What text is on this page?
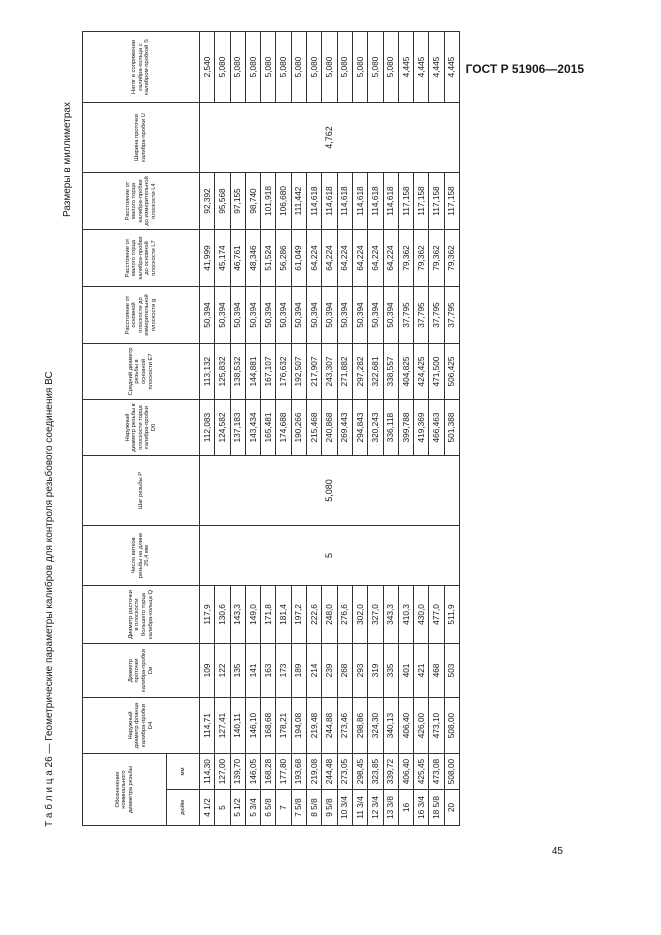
ГОСТ Р 51906—2015
45
Т а б л и ц а 26 — Геометрические параметры калибров для контроля резьбового соединения ВС
Размеры в миллиметрах
Обозначение номинального диаметра резьбы		Наружный диаметр фланца калибра-пробки D4	Диаметр проточки калибра-пробки Dи	Диаметр расточки в плоскости большего торца калибра-кольца Q	Число витков резьбы на длине 25,4 мм	Шаг резьбы P	Наружный диаметр резьбы в плоскости торца калибра-пробки D0	Средний диаметр резьбы в основной плоскости E7	Расстояние от основной плоскости до измерительной плоскости g	Расстояние от малого торца калибра-пробки до основной плоскости L7	Расстояние от малого торца калибра-пробки до измерительной плоскости L4	Ширина проточки калибра-пробки U	Натяг в сопряжении калибра-кольца с калибром-пробкой S
дюйм	мм												
4 1/2	114,30	114,71	109	117,9	5	5,080	112,083	113,132	50,394	41,999	92,392	4,762	2,540
5	127,00	127,41	122	130,6			124,582	125,832	50,394	45,174	95,568		5,080
5 1/2	139,70	140,11	135	143,3			137,183	138,532	50,394	46,761	97,155		5,080
5 3/4	146,05	146,10	141	149,0			143,434	144,881	50,394	48,346	98,740		5,080
6 5/8	168,28	168,68	163	171,8			165,481	167,107	50,394	51,524	101,918		5,080
7	177,80	178,21	173	181,4			174,688	176,632	50,394	56,286	106,680		5,080
7 5/8	193,68	194,08	189	197,2			190,266	192,507	50,394	61,049	111,442		5,080
8 5/8	219,08	219,48	214	222,6			215,468	217,907	50,394	64,224	114,618		5,080
9 5/8	244,48	244,88	239	248,0			240,868	243,307	50,394	64,224	114,618		5,080
10 3/4	273,05	273,46	268	276,6			269,443	271,882	50,394	64,224	114,618		5,080
11 3/4	298,45	298,86	293	302,0			294,843	297,282	50,394	64,224	114,618		5,080
12 3/4	323,85	324,30	319	327,0			320,243	322,681	50,394	64,224	114,618		5,080
13 3/8	339,72	340,13	335	343,3			336,118	338,557	50,394	64,224	114,618		5,080
16	406,40	406,40	401	410,3			399,788	404,825	37,795	79,362	117,158		4,445
16 3/4	425,45	426,00	421	430,0			419,369	424,425	37,795	79,362	117,158		4,445
18 5/8	473,08	473,10	468	477,0			466,463	471,500	37,795	79,362	117,158		4,445
20	508,00	508,00	503	511,9			501,388	506,425	37,795	79,362	117,158		4,445
